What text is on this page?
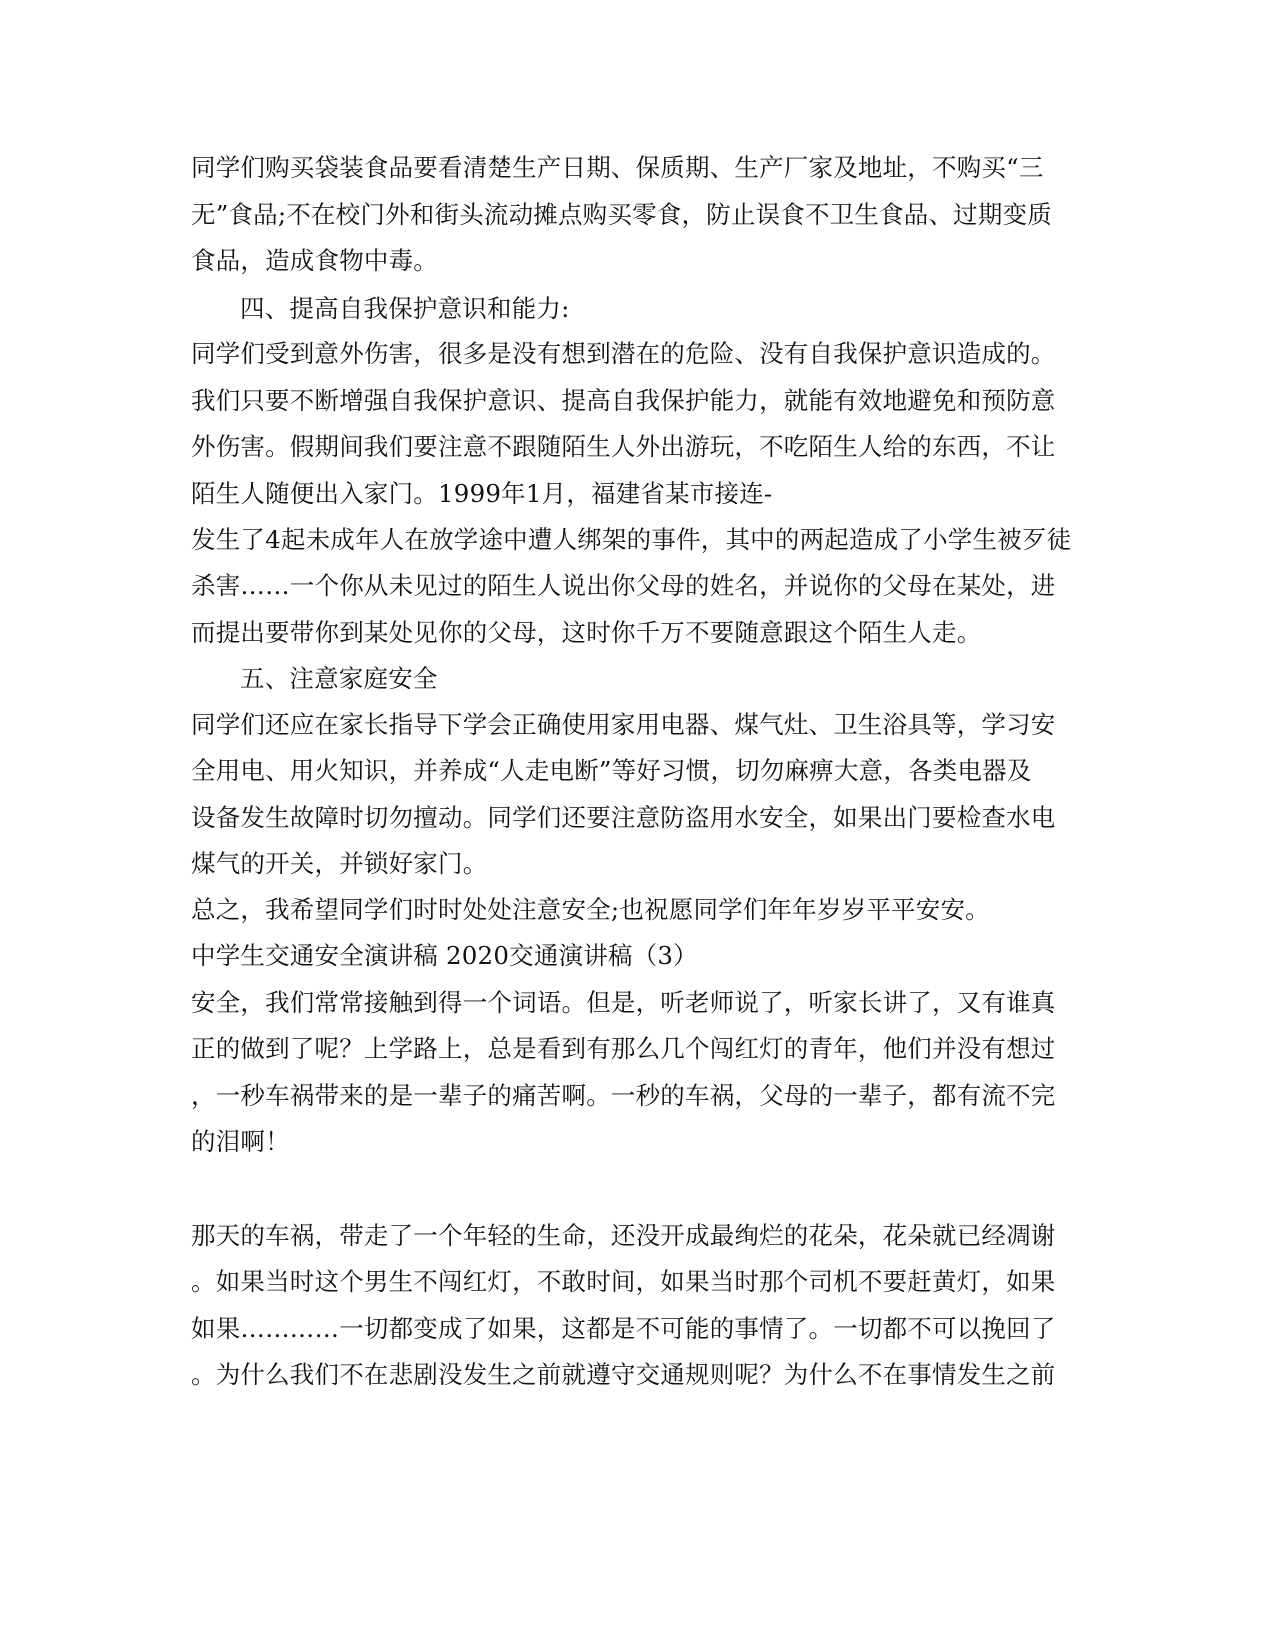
同学们购买袋装食品要看清楚生产日期、保质期、生产厂家及地址，不购买“三
无”食品;不在校门外和街头流动摊点购买零食，防止误食不卫生食品、过期变质
食品，造成食物中毒。
四、提高自我保护意识和能力:
同学们受到意外伤害，很多是没有想到潜在的危险、没有自我保护意识造成的。
我们只要不断增强自我保护意识、提高自我保护能力，就能有效地避免和预防意
外伤害。假期间我们要注意不跟随陌生人外出游玩，不吃陌生人给的东西，不让
陌生人随便出入家门。1999年1月，福建省某市接连-
发生了4起未成年人在放学途中遭人绑架的事件，其中的两起造成了小学生被歹徒
杀害……一个你从未见过的陌生人说出你父母的姓名，并说你的父母在某处，进
而提出要带你到某处见你的父母，这时你千万不要随意跟这个陌生人走。
五、注意家庭安全
同学们还应在家长指导下学会正确使用家用电器、煤气灶、卫生浴具等，学习安
全用电、用火知识，并养成“人走电断”等好习惯，切勿麻痹大意，各类电器及
设备发生故障时切勿擅动。同学们还要注意防盗用水安全，如果出门要检查水电
煤气的开关，并锁好家门。
总之，我希望同学们时时处处注意安全;也祝愿同学们年年岁岁平平安安。
中学生交通安全演讲稿 2020交通演讲稿（3）
安全，我们常常接触到得一个词语。但是，听老师说了，听家长讲了，又有谁真
正的做到了呢？上学路上，总是看到有那么几个闯红灯的青年，他们并没有想过
，一秒车祸带来的是一辈子的痛苦啊。一秒的车祸，父母的一辈子，都有流不完
的泪啊！
那天的车祸，带走了一个年轻的生命，还没开成最绚烂的花朵，花朵就已经凋谢
。如果当时这个男生不闯红灯，不敢时间，如果当时那个司机不要赶黄灯，如果
如果…………一切都变成了如果，这都是不可能的事情了。一切都不可以挽回了
。为什么我们不在悲剧没发生之前就遵守交通规则呢？为什么不在事情发生之前
